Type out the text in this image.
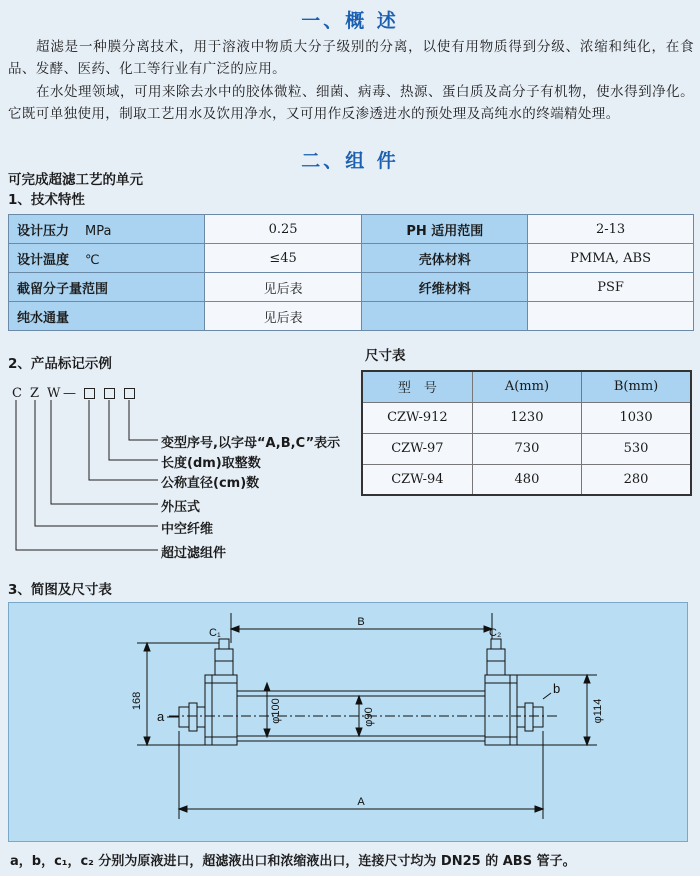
一、概 述
超滤是一种膜分离技术，用于溶液中物质大分子级别的分离，以使有用物质得到分级、浓缩和纯化，在食品、发酵、医药、化工等行业有广泛的应用。
在水处理领域，可用来除去水中的胶体微粒、细菌、病毒、热源、蛋白质及高分子有机物，使水得到净化。它既可单独使用，制取工艺用水及饮用净水，又可用作反渗透进水的预处理及高纯水的终端精处理。
二、组 件
可完成超滤工艺的单元
1、技术特性
设计压力 MPa	0.25	PH 适用范围	2-13
设计温度 ℃	≤45	壳体材料	PMMA, ABS
截留分子量范围	见后表	纤维材料	PSF
纯水通量	见后表		
2、产品标记示例
C Z W —
变型序号,以字母“A,B,C”表示
长度(dm)取整数
公称直径(cm)数
外压式
中空纤维
超过滤组件
尺寸表
型　号	A(mm)	B(mm)
CZW-912	1230	1030
CZW-97	730	530
CZW-94	480	280
3、简图及尺寸表
B
A
C₁	C₂
a
b
168	φ100	φ90	φ114
a，b，c₁，c₂ 分别为原液进口，超滤液出口和浓缩液出口，连接尺寸均为 DN25 的 ABS 管子。
